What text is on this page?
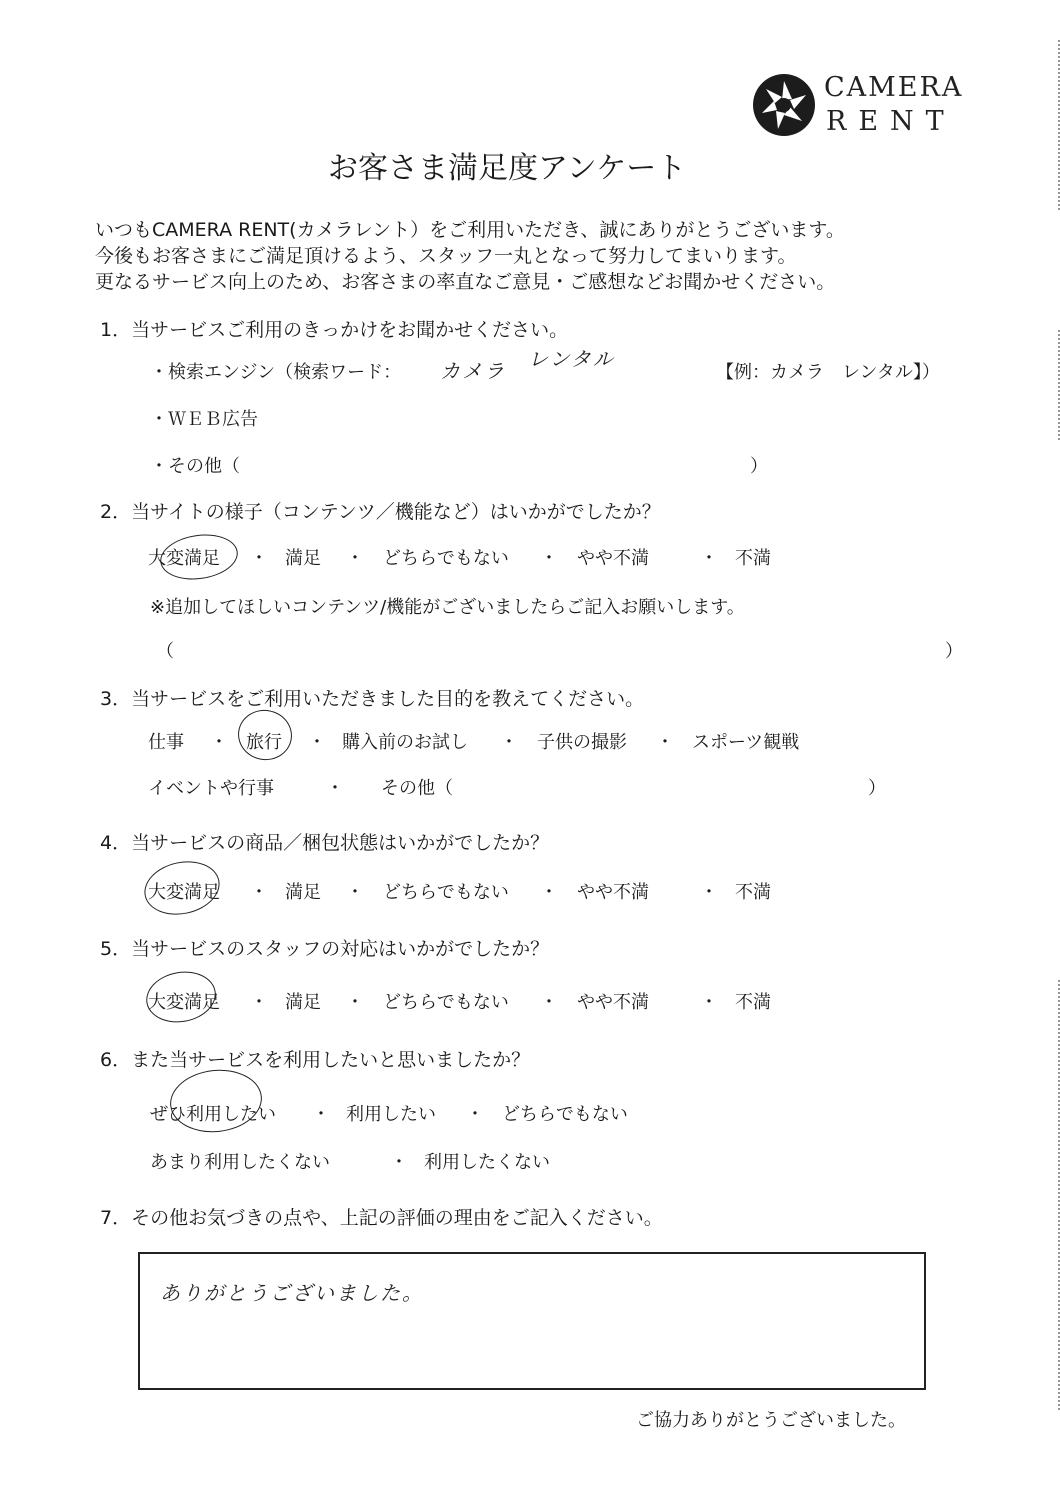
CAMERA
RENT
お客さま満足度アンケート
いつもCAMERA RENT(カメラレント）をご利用いただき、誠にありがとうございます。
今後もお客さまにご満足頂けるよう、スタッフ一丸となって努力してまいります。
更なるサービス向上のため、お客さまの率直なご意見・ご感想などお聞かせください。
1．当サービスご利用のきっかけをお聞かせください。
・検索エンジン（検索ワード： カメラ レンタル
【例：カメラ　レンタル】）
・ＷＥＢ広告
・その他（	）
2．当サイトの様子（コンテンツ／機能など）はいかがでしたか？
大変満足 ・ 満足 ・ どちらでもない ・ やや不満	・ 不満
※追加してほしいコンテンツ/機能がございましたらご記入お願いします。
（	）
3．当サービスをご利用いただきました目的を教えてください。
仕事 ・ 旅行 ・ 購入前のお試し ・ 子供の撮影 ・ スポーツ観戦
イベントや行事	・ その他（	）
4．当サービスの商品／梱包状態はいかがでしたか？
大変満足 ・ 満足 ・ どちらでもない ・ やや不満	・ 不満
5．当サービスのスタッフの対応はいかがでしたか？
大変満足 ・ 満足 ・ どちらでもない ・ やや不満	・ 不満
6．また当サービスを利用したいと思いましたか？
ぜひ利用したい ・ 利用したい ・ どちらでもない
あまり利用したくない	・ 利用したくない
7．その他お気づきの点や、上記の評価の理由をご記入ください。
ありがとうございました。
ご協力ありがとうございました。
